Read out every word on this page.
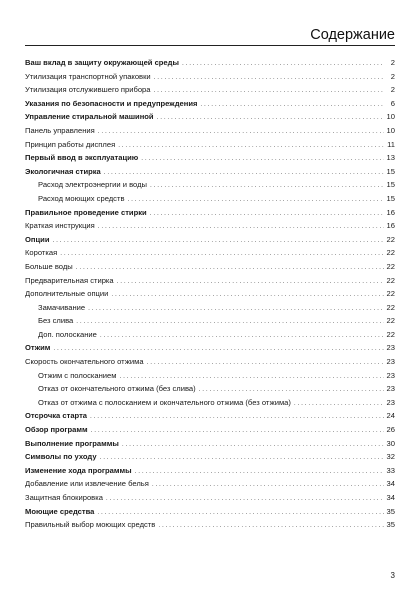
Содержание
Ваш вклад в защиту окружающей среды . . .	2
Утилизация транспортной упаковки . . .	2
Утилизация отслужившего прибора . . .	2
Указания по безопасности и предупреждения . . .	6
Управление стиральной машиной . . .	10
Панель управления . . .	10
Принцип работы дисплея . . .	11
Первый ввод в эксплуатацию . . .	13
Экологичная стирка . . .	15
Расход электроэнергии и воды . . .	15
Расход моющих средств . . .	15
Правильное проведение стирки . . .	16
Краткая инструкция . . .	16
Опции . . .	22
Короткая . . .	22
Больше воды . . .	22
Предварительная стирка . . .	22
Дополнительные опции . . .	22
Замачивание . . .	22
Без слива . . .	22
Доп. полоскание . . .	22
Отжим . . .	23
Скорость окончательного отжима . . .	23
Отжим с полосканием . . .	23
Отказ от окончательного отжима (без слива) . . .	23
Отказ от отжима с полосканием и окончательного отжима (без отжима) . . .	23
Отсрочка старта . . .	24
Обзор программ . . .	26
Выполнение программы . . .	30
Символы по уходу . . .	32
Изменение хода программы . . .	33
Добавление или извлечение белья . . .	34
Защитная блокировка . . .	34
Моющие средства . . .	35
Правильный выбор моющих средств . . .	35
3
